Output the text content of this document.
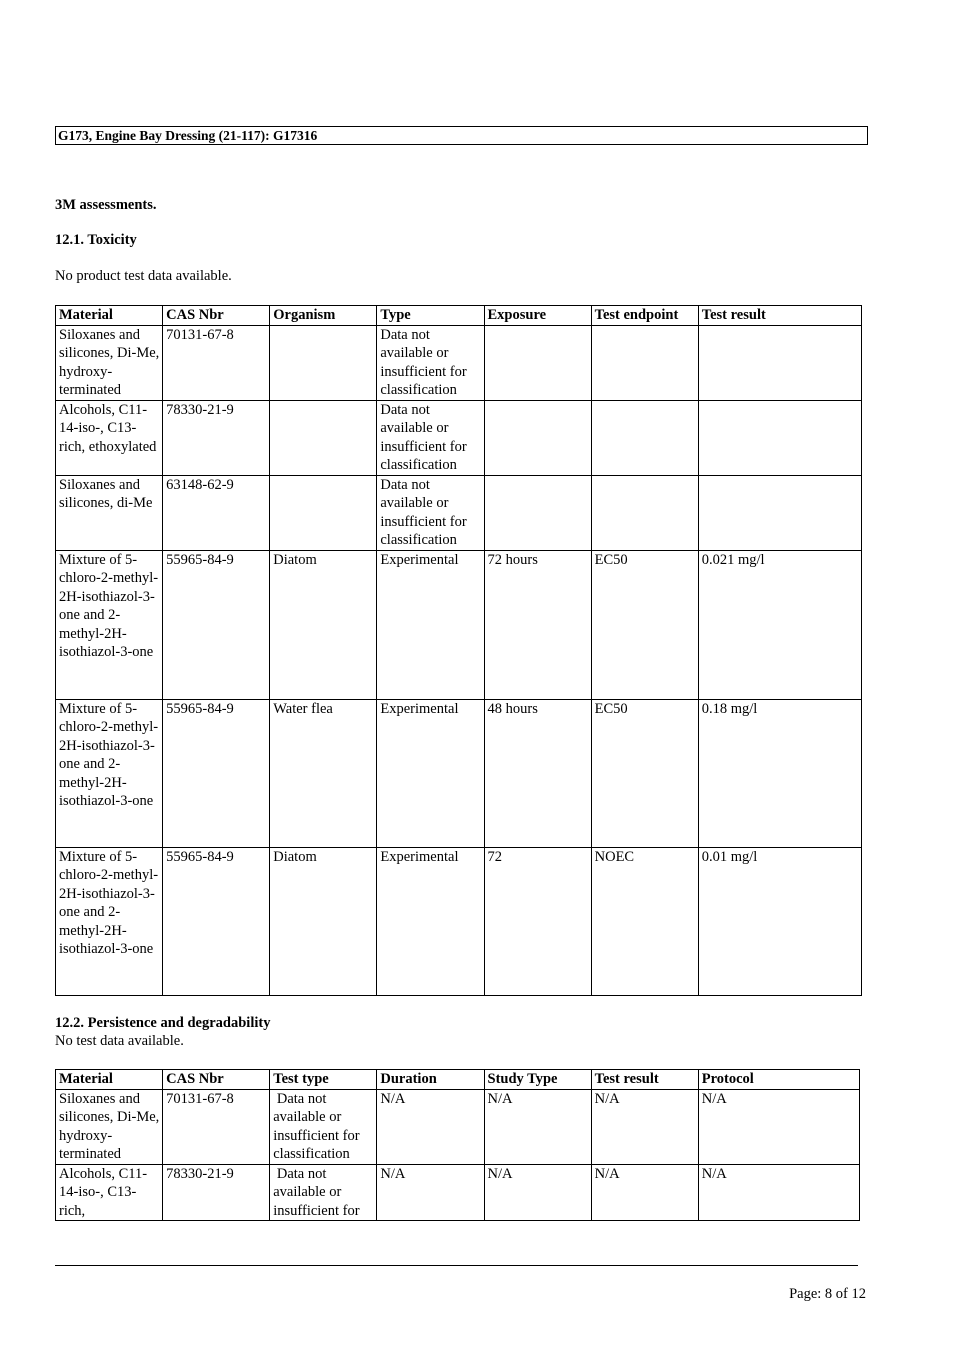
G173, Engine Bay Dressing (21-117): G17316
3M assessments.
12.1. Toxicity
No product test data available.
Material	CAS Nbr	Organism	Type	Exposure	Test endpoint	Test result
Siloxanes and silicones, Di-Me, hydroxy-terminated	70131-67-8		Data not available or insufficient for classification			
Alcohols, C11-14-iso-, C13-rich, ethoxylated	78330-21-9		Data not available or insufficient for classification			
Siloxanes and silicones, di-Me	63148-62-9		Data not available or insufficient for classification			
Mixture of 5-chloro-2-methyl-2H-isothiazol-3-one and 2-methyl-2H-isothiazol-3-one	55965-84-9	Diatom	Experimental	72 hours	EC50	0.021 mg/l
Mixture of 5-chloro-2-methyl-2H-isothiazol-3-one and 2-methyl-2H-isothiazol-3-one	55965-84-9	Water flea	Experimental	48 hours	EC50	0.18 mg/l
Mixture of 5-chloro-2-methyl-2H-isothiazol-3-one and 2-methyl-2H-isothiazol-3-one	55965-84-9	Diatom	Experimental	72	NOEC	0.01 mg/l
12.2. Persistence and degradability
No test data available.
Material	CAS Nbr	Test type	Duration	Study Type	Test result	Protocol
Siloxanes and silicones, Di-Me, hydroxy-terminated	70131-67-8	Data not available or insufficient for classification	N/A	N/A	N/A	N/A
Alcohols, C11-14-iso-, C13-rich,	78330-21-9	Data not available or insufficient for	N/A	N/A	N/A	N/A
Page: 8 of 12
